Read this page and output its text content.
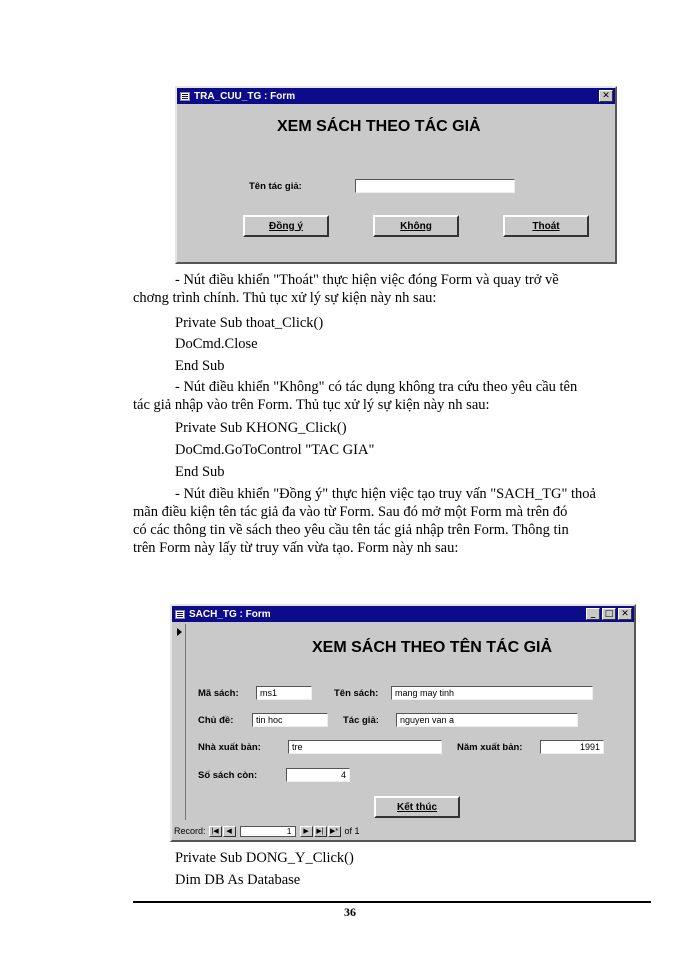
TRA_CUU_TG : Form	✕
XEM SÁCH THEO TÁC GIẢ
Tên tác giả:
Đồng ý	Không	Thoát
- Nút điều khiển "Thoát" thực hiện việc đóng Form và quay trở về
chơng trình chính. Thủ tục xử lý sự kiện này nh sau:
Private Sub thoat_Click()
DoCmd.Close
End Sub
- Nút điều khiển "Không" có tác dụng không tra cứu theo yêu cầu tên
tác giả nhập vào trên Form. Thủ tục xử lý sự kiện này nh sau:
Private Sub KHONG_Click()
DoCmd.GoToControl "TAC GIA"
End Sub
- Nút điều khiển "Đồng ý" thực hiện việc tạo truy vấn "SACH_TG" thoả
mãn điều kiện tên tác giả đa vào từ Form. Sau đó mở một Form mà trên đó
có các thông tin về sách theo yêu cầu tên tác giả nhập trên Form. Thông tin
trên Form này lấy từ truy vấn vừa tạo. Form này nh sau:
SACH_TG : Form	_	□ ✕
XEM SÁCH THEO TÊN TÁC GIẢ
Mã sách:	ms1	Tên sách:	mang may tinh
Chủ đề:	tin hoc	Tác giả:	nguyen van a
Nhà xuất bản:	tre	Năm xuất bản:	1991
Số sách còn:	4
Kết thúc
Record: |◀	◀	1	▶	▶| ▶* of 1
Private Sub DONG_Y_Click()
Dim DB As Database
36
